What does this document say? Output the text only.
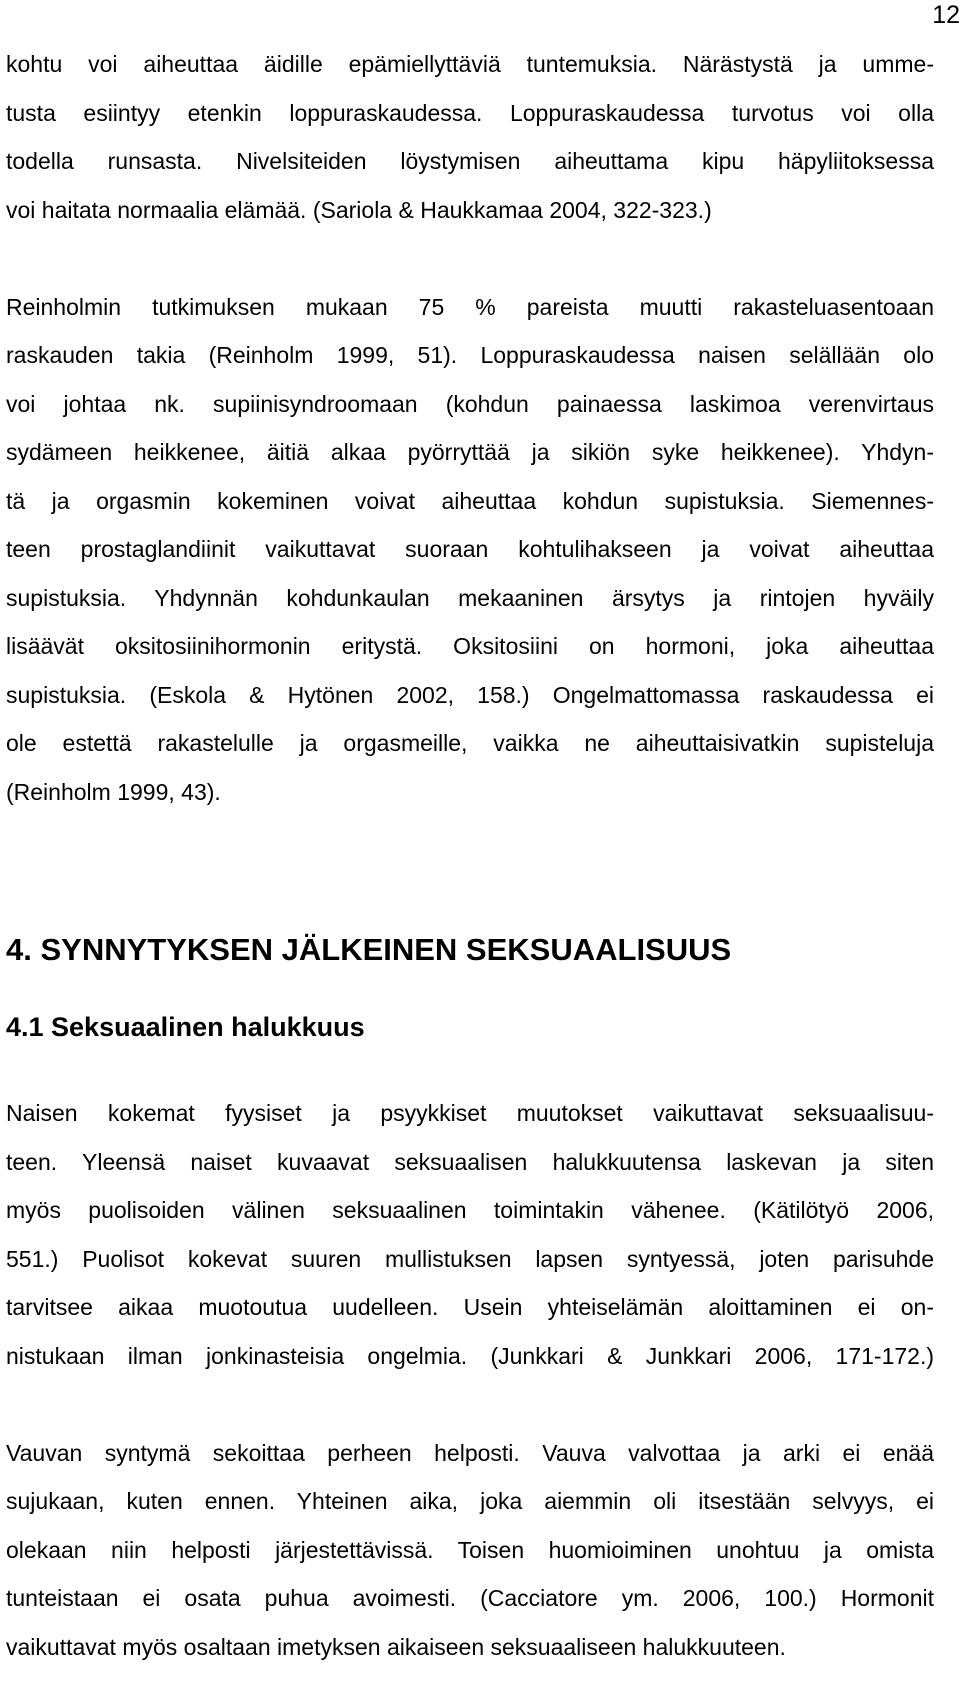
12
kohtu voi aiheuttaa äidille epämiellyttäviä tuntemuksia. Närästystä ja umme-
tusta esiintyy etenkin loppuraskaudessa. Loppuraskaudessa turvotus voi olla
todella runsasta. Nivelsiteiden löystymisen aiheuttama kipu häpyliitoksessa
voi haitata normaalia elämää. (Sariola & Haukkamaa 2004, 322-323.)
Reinholmin tutkimuksen mukaan 75 % pareista muutti rakasteluasentoaan
raskauden takia (Reinholm 1999, 51). Loppuraskaudessa naisen selällään olo
voi johtaa nk. supiinisyndroomaan (kohdun painaessa laskimoa verenvirtaus
sydämeen heikkenee, äitiä alkaa pyörryttää ja sikiön syke heikkenee). Yhdyn-
tä ja orgasmin kokeminen voivat aiheuttaa kohdun supistuksia. Siemennes-
teen prostaglandiinit vaikuttavat suoraan kohtulihakseen ja voivat aiheuttaa
supistuksia. Yhdynnän kohdunkaulan mekaaninen ärsytys ja rintojen hyväily
lisäävät oksitosiinihormonin eritystä. Oksitosiini on hormoni, joka aiheuttaa
supistuksia. (Eskola & Hytönen 2002, 158.) Ongelmattomassa raskaudessa ei
ole estettä rakastelulle ja orgasmeille, vaikka ne aiheuttaisivatkin supisteluja
(Reinholm 1999, 43).
4. SYNNYTYKSEN JÄLKEINEN SEKSUAALISUUS
4.1 Seksuaalinen halukkuus
Naisen kokemat fyysiset ja psyykkiset muutokset vaikuttavat seksuaalisuu-
teen. Yleensä naiset kuvaavat seksuaalisen halukkuutensa laskevan ja siten
myös puolisoiden välinen seksuaalinen toimintakin vähenee. (Kätilötyö 2006,
551.) Puolisot kokevat suuren mullistuksen lapsen syntyessä, joten parisuhde
tarvitsee aikaa muotoutua uudelleen. Usein yhteiselämän aloittaminen ei on-
nistukaan ilman jonkinasteisia ongelmia. (Junkkari & Junkkari 2006, 171-172.)
Vauvan syntymä sekoittaa perheen helposti. Vauva valvottaa ja arki ei enää
sujukaan, kuten ennen. Yhteinen aika, joka aiemmin oli itsestään selvyys, ei
olekaan niin helposti järjestettävissä. Toisen huomioiminen unohtuu ja omista
tunteistaan ei osata puhua avoimesti. (Cacciatore ym. 2006, 100.) Hormonit
vaikuttavat myös osaltaan imetyksen aikaiseen seksuaaliseen halukkuuteen.
